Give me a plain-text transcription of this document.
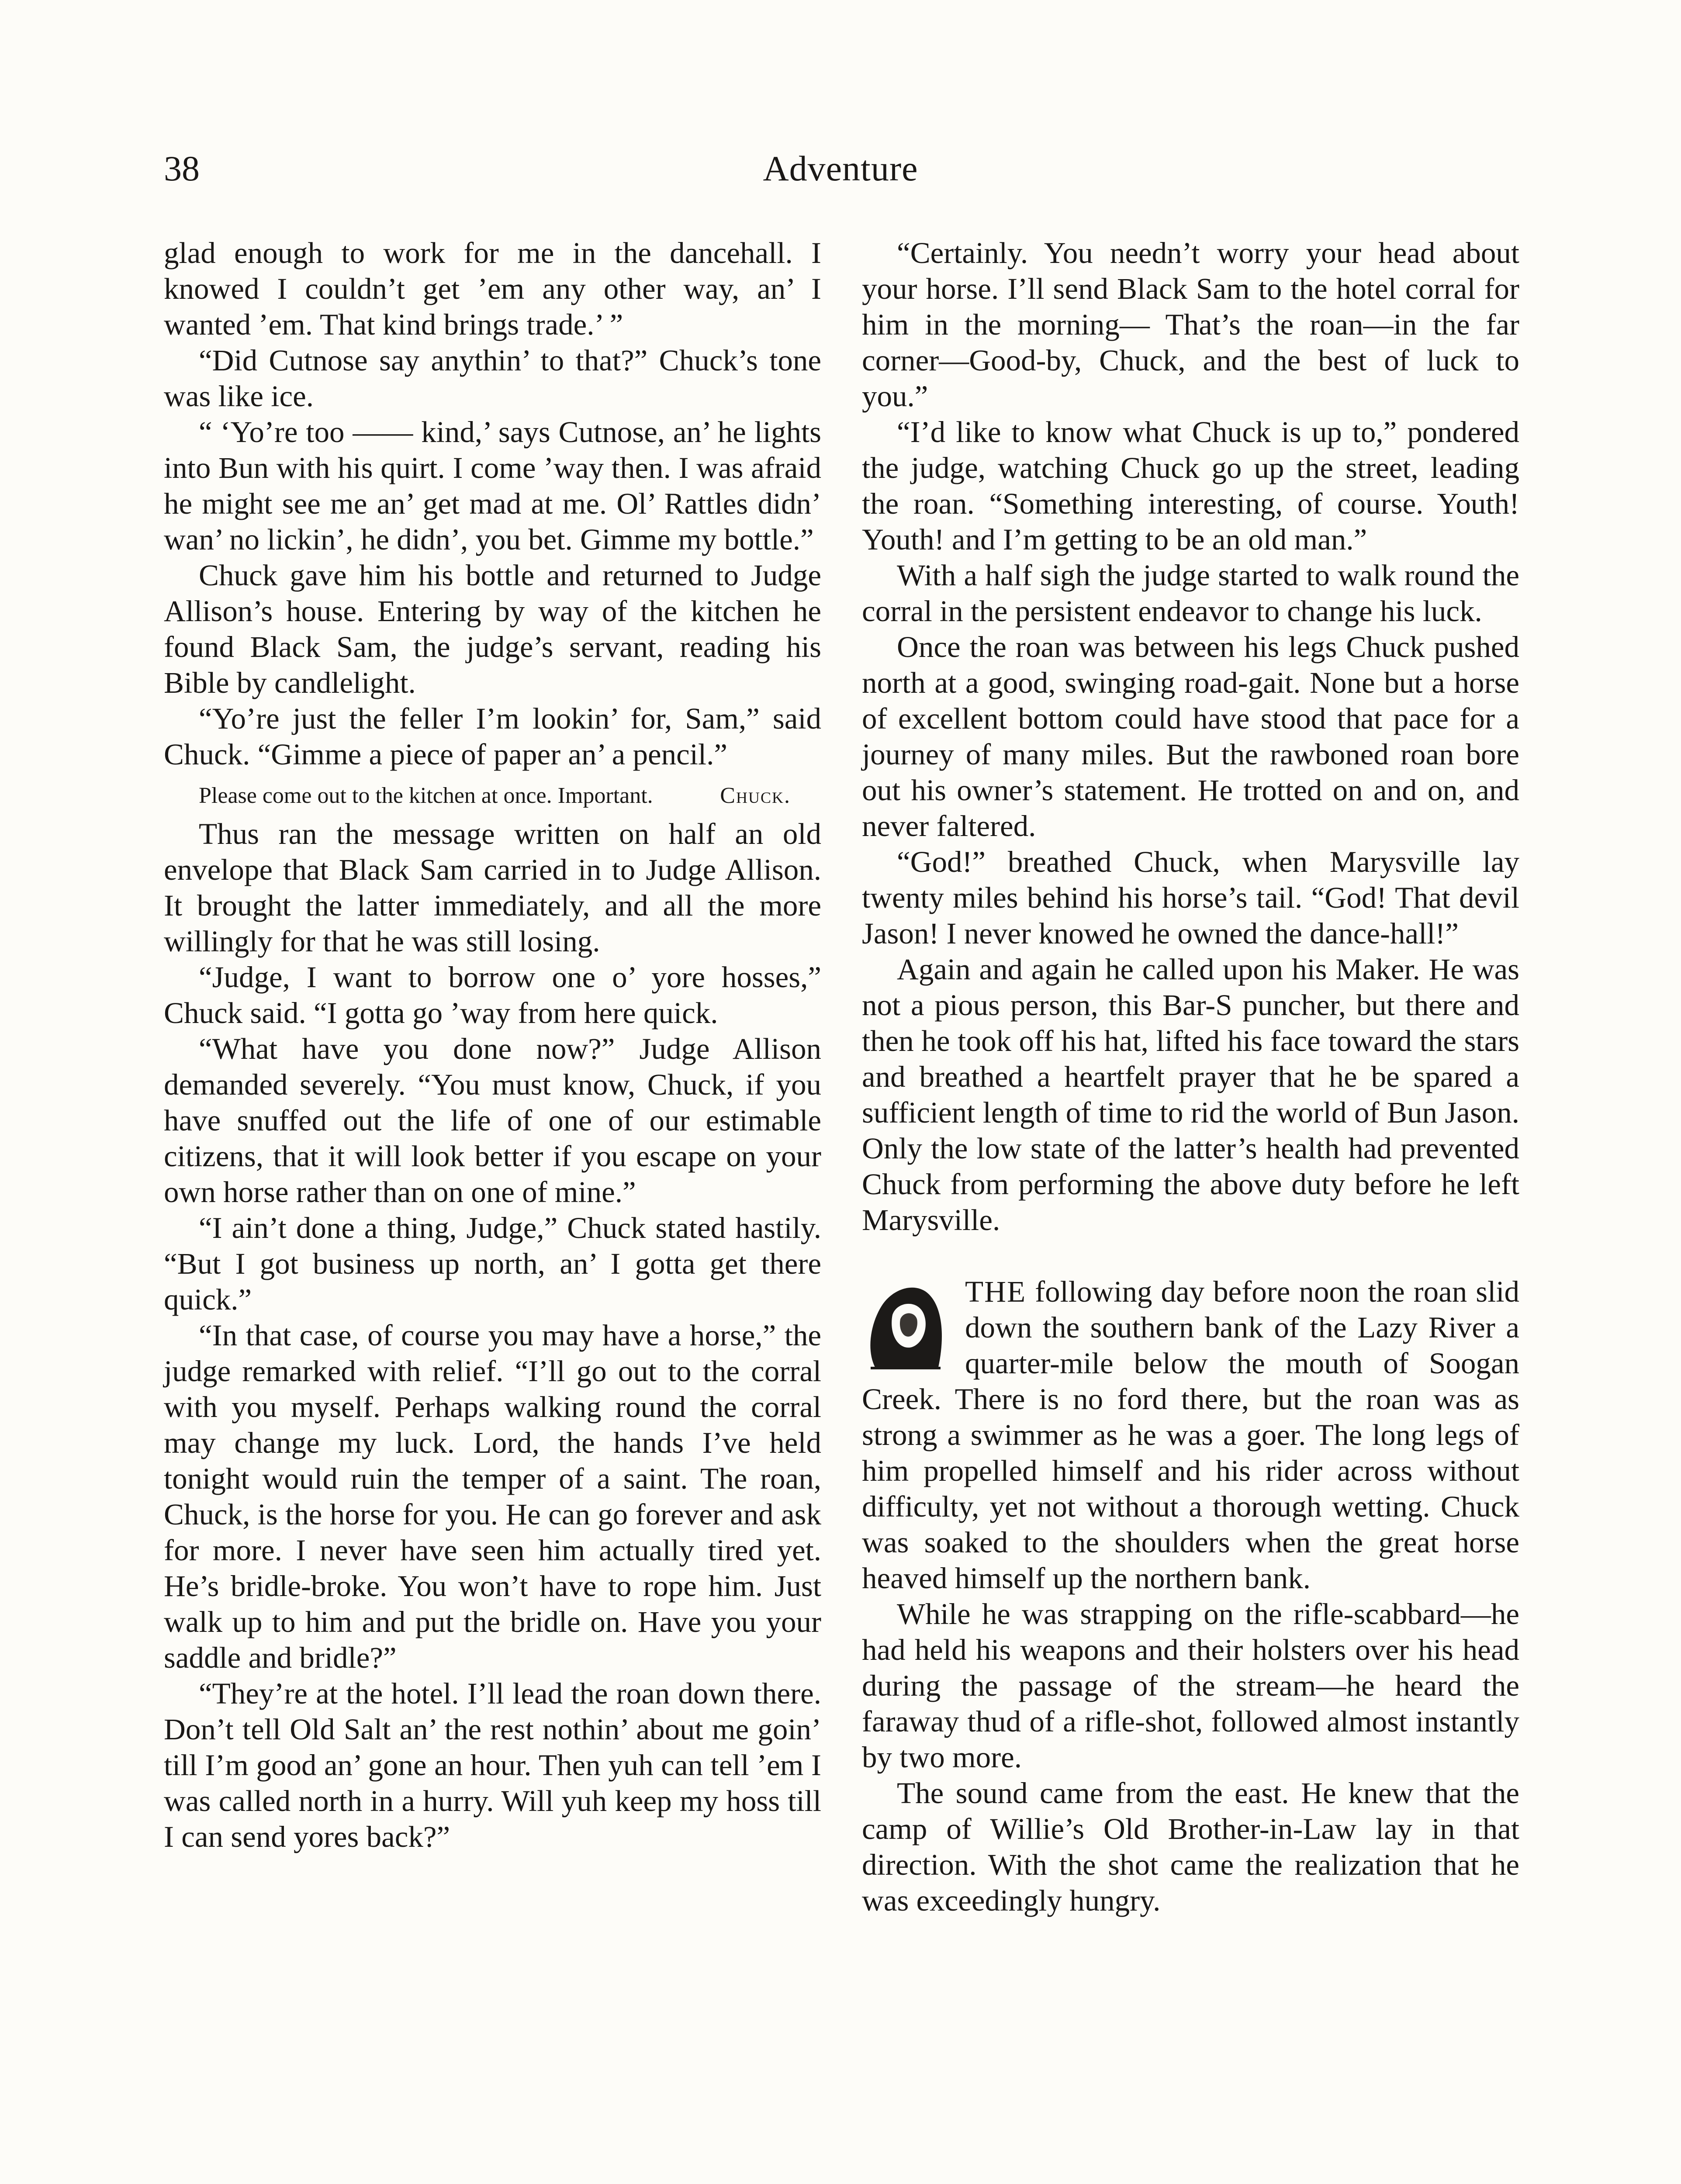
38	Adventure

glad enough to work for me in the dancehall. I knowed I couldn’t get ’em any other way, an’ I wanted ’em. That kind brings trade.’ ”

“Did Cutnose say anythin’ to that?” Chuck’s tone was like ice.

“ ‘Yo’re too —— kind,’ says Cutnose, an’ he lights into Bun with his quirt. I come ’way then. I was afraid he might see me an’ get mad at me. Ol’ Rattles didn’ wan’ no lickin’, he didn’, you bet. Gimme my bottle.”

Chuck gave him his bottle and returned to Judge Allison’s house. Entering by way of the kitchen he found Black Sam, the judge’s servant, reading his Bible by candlelight.

“Yo’re just the feller I’m lookin’ for, Sam,” said Chuck. “Gimme a piece of paper an’ a pencil.”

Please come out to the kitchen at once. Important.	Chuck.

Thus ran the message written on half an old envelope that Black Sam carried in to Judge Allison. It brought the latter immediately, and all the more willingly for that he was still losing.

“Judge, I want to borrow one o’ yore hosses,” Chuck said. “I gotta go ’way from here quick.

“What have you done now?” Judge Allison demanded severely. “You must know, Chuck, if you have snuffed out the life of one of our estimable citizens, that it will look better if you escape on your own horse rather than on one of mine.”

“I ain’t done a thing, Judge,” Chuck stated hastily. “But I got business up north, an’ I gotta get there quick.”

“In that case, of course you may have a horse,” the judge remarked with relief. “I’ll go out to the corral with you myself. Perhaps walking round the corral may change my luck. Lord, the hands I’ve held tonight would ruin the temper of a saint. The roan, Chuck, is the horse for you. He can go forever and ask for more. I never have seen him actually tired yet. He’s bridle-broke. You won’t have to rope him. Just walk up to him and put the bridle on. Have you your saddle and bridle?”

“They’re at the hotel. I’ll lead the roan down there. Don’t tell Old Salt an’ the rest nothin’ about me goin’ till I’m good an’ gone an hour. Then yuh can tell ’em I was called north in a hurry. Will yuh keep my hoss till I can send yores back?”

“Certainly. You needn’t worry your head about your horse. I’ll send Black Sam to the hotel corral for him in the morning— That’s the roan—in the far corner—Good-by, Chuck, and the best of luck to you.”

“I’d like to know what Chuck is up to,” pondered the judge, watching Chuck go up the street, leading the roan. “Something interesting, of course. Youth! Youth! and I’m getting to be an old man.”

With a half sigh the judge started to walk round the corral in the persistent endeavor to change his luck.

Once the roan was between his legs Chuck pushed north at a good, swinging road-gait. None but a horse of excellent bottom could have stood that pace for a journey of many miles. But the rawboned roan bore out his owner’s statement. He trotted on and on, and never faltered.

“God!” breathed Chuck, when Marysville lay twenty miles behind his horse’s tail. “God! That devil Jason! I never knowed he owned the dance-hall!”

Again and again he called upon his Maker. He was not a pious person, this Bar-S puncher, but there and then he took off his hat, lifted his face toward the stars and breathed a heartfelt prayer that he be spared a sufficient length of time to rid the world of Bun Jason. Only the low state of the latter’s health had prevented Chuck from performing the above duty before he left Marysville.

THE following day before noon the roan slid down the southern bank of the Lazy River a quarter-mile below the mouth of Soogan Creek. There is no ford there, but the roan was as strong a swimmer as he was a goer. The long legs of him propelled himself and his rider across without difficulty, yet not without a thorough wetting. Chuck was soaked to the shoulders when the great horse heaved himself up the northern bank.

While he was strapping on the rifle-scabbard—he had held his weapons and their holsters over his head during the passage of the stream—he heard the faraway thud of a rifle-shot, followed almost instantly by two more.

The sound came from the east. He knew that the camp of Willie’s Old Brother-in-Law lay in that direction. With the shot came the realization that he was exceedingly hungry.
